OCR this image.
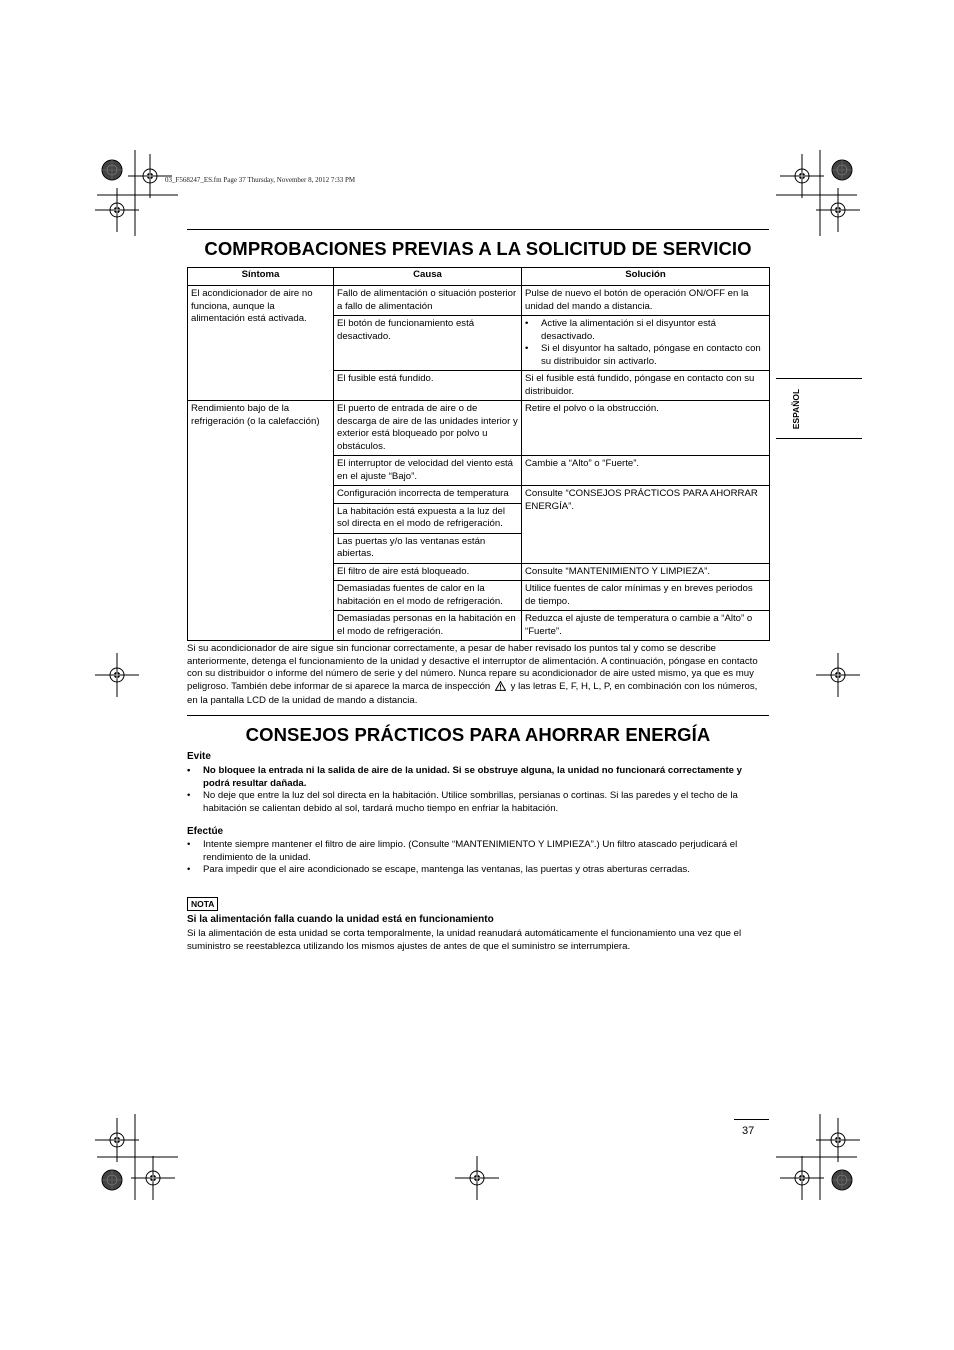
03_F568247_ES.fm Page 37 Thursday, November 8, 2012 7:33 PM
COMPROBACIONES PREVIAS A LA SOLICITUD DE SERVICIO
Síntoma	Causa	Solución
El acondicionador de aire no funciona, aunque la alimentación está activada.	Fallo de alimentación o situación posterior a fallo de alimentación	Pulse de nuevo el botón de operación ON/OFF en la unidad del mando a distancia.
	El botón de funcionamiento está desactivado.	• Active la alimentación si el disyuntor está desactivado.
• Si el disyuntor ha saltado, póngase en contacto con su distribuidor sin activarlo.

	El fusible está fundido.	Si el fusible está fundido, póngase en contacto con su distribuidor.
Rendimiento bajo de la refrigeración (o la calefacción)	El puerto de entrada de aire o de descarga de aire de las unidades interior y exterior está bloqueado por polvo u obstáculos.	Retire el polvo o la obstrucción.
	El interruptor de velocidad del viento está en el ajuste “Bajo”.	Cambie a “Alto” o “Fuerte”.
	Configuración incorrecta de temperatura	Consulte “CONSEJOS PRÁCTICOS PARA AHORRAR ENERGÍA”.
	La habitación está expuesta a la luz del sol directa en el modo de refrigeración.	
	Las puertas y/o las ventanas están abiertas.	
	El filtro de aire está bloqueado.	Consulte “MANTENIMIENTO Y LIMPIEZA”.
	Demasiadas fuentes de calor en la habitación en el modo de refrigeración.	Utilice fuentes de calor mínimas y en breves periodos de tiempo.
	Demasiadas personas en la habitación en el modo de refrigeración.	Reduzca el ajuste de temperatura o cambie a “Alto” o “Fuerte”.
Si su acondicionador de aire sigue sin funcionar correctamente, a pesar de haber revisado los puntos tal y como se describe anteriormente, detenga el funcionamiento de la unidad y desactive el interruptor de alimentación. A continuación, póngase en contacto con su distribuidor o informe del número de serie y del número. Nunca repare su acondicionador de aire usted mismo, ya que es muy peligroso. También debe informar de si aparece la marca de inspección y las letras E, F, H, L, P, en combinación con los números, en la pantalla LCD de la unidad de mando a distancia.
CONSEJOS PRÁCTICOS PARA AHORRAR ENERGÍA
Evite
•	No bloquee la entrada ni la salida de aire de la unidad. Si se obstruye alguna, la unidad no funcionará correctamente y podrá resultar dañada.
•	No deje que entre la luz del sol directa en la habitación. Utilice sombrillas, persianas o cortinas. Si las paredes y el techo de la habitación se calientan debido al sol, tardará mucho tiempo en enfriar la habitación.
Efectúe
•	Intente siempre mantener el filtro de aire limpio. (Consulte “MANTENIMIENTO Y LIMPIEZA”.) Un filtro atascado perjudicará el rendimiento de la unidad.
•	Para impedir que el aire acondicionado se escape, mantenga las ventanas, las puertas y otras aberturas cerradas.
NOTA
Si la alimentación falla cuando la unidad está en funcionamiento
Si la alimentación de esta unidad se corta temporalmente, la unidad reanudará automáticamente el funcionamiento una vez que el suministro se reestablezca utilizando los mismos ajustes de antes de que el suministro se interrumpiera.
ESPAÑOL
37
